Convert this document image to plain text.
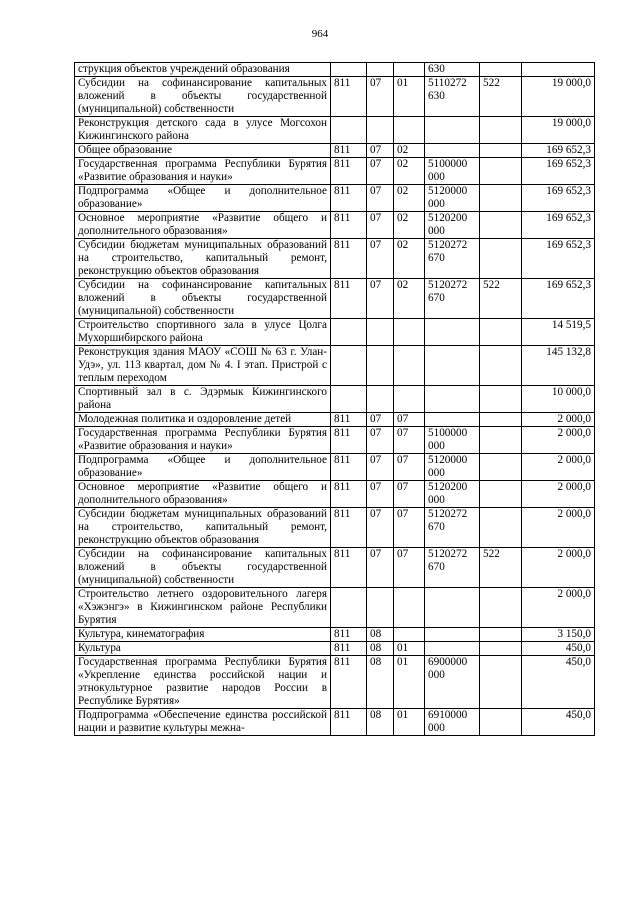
964
струкция объектов учреждений образования				630		
Субсидии на софинансирование капитальных вложений в объекты государственной (муниципальной) собственности	811	07	01	5110272 630	522	19 000,0
Реконструкция детского сада в улусе Могсохон Кижингинского района						19 000,0
Общее образование	811	07	02			169 652,3
Государственная программа Республики Бурятия «Развитие образования и науки»	811	07	02	5100000 000		169 652,3
Подпрограмма «Общее и дополнительное образование»	811	07	02	5120000 000		169 652,3
Основное мероприятие «Развитие общего и дополнительного образования»	811	07	02	5120200 000		169 652,3
Субсидии бюджетам муниципальных образований на строительство, капитальный ремонт, реконструкцию объектов образования	811	07	02	5120272 670		169 652,3
Субсидии на софинансирование капитальных вложений в объекты государственной (муниципальной) собственности	811	07	02	5120272 670	522	169 652,3
Строительство спортивного зала в улусе Цолга Мухоршибирского района						14 519,5
Реконструкция здания МАОУ «СОШ № 63 г. Улан-Удэ», ул. 113 квартал, дом № 4. I этап. Пристрой с теплым переходом						145 132,8
Спортивный зал в с. Эдэрмык Кижингинского района						10 000,0
Молодежная политика и оздоровление детей	811	07	07			2 000,0
Государственная программа Республики Бурятия «Развитие образования и науки»	811	07	07	5100000 000		2 000,0
Подпрограмма «Общее и дополнительное образование»	811	07	07	5120000 000		2 000,0
Основное мероприятие «Развитие общего и дополнительного образования»	811	07	07	5120200 000		2 000,0
Субсидии бюджетам муниципальных образований на строительство, капитальный ремонт, реконструкцию объектов образования	811	07	07	5120272 670		2 000,0
Субсидии на софинансирование капитальных вложений в объекты государственной (муниципальной) собственности	811	07	07	5120272 670	522	2 000,0
Строительство летнего оздоровительного лагеря «Хэжэнгэ» в Кижингинском районе Республики Бурятия						2 000,0
Культура, кинематография	811	08				3 150,0
Культура	811	08	01			450,0
Государственная программа Республики Бурятия «Укрепление единства российской нации и этнокультурное развитие народов России в Республике Бурятия»	811	08	01	6900000 000		450,0
Подпрограмма «Обеспечение единства российской нации и развитие культуры межна-	811	08	01	6910000 000		450,0
